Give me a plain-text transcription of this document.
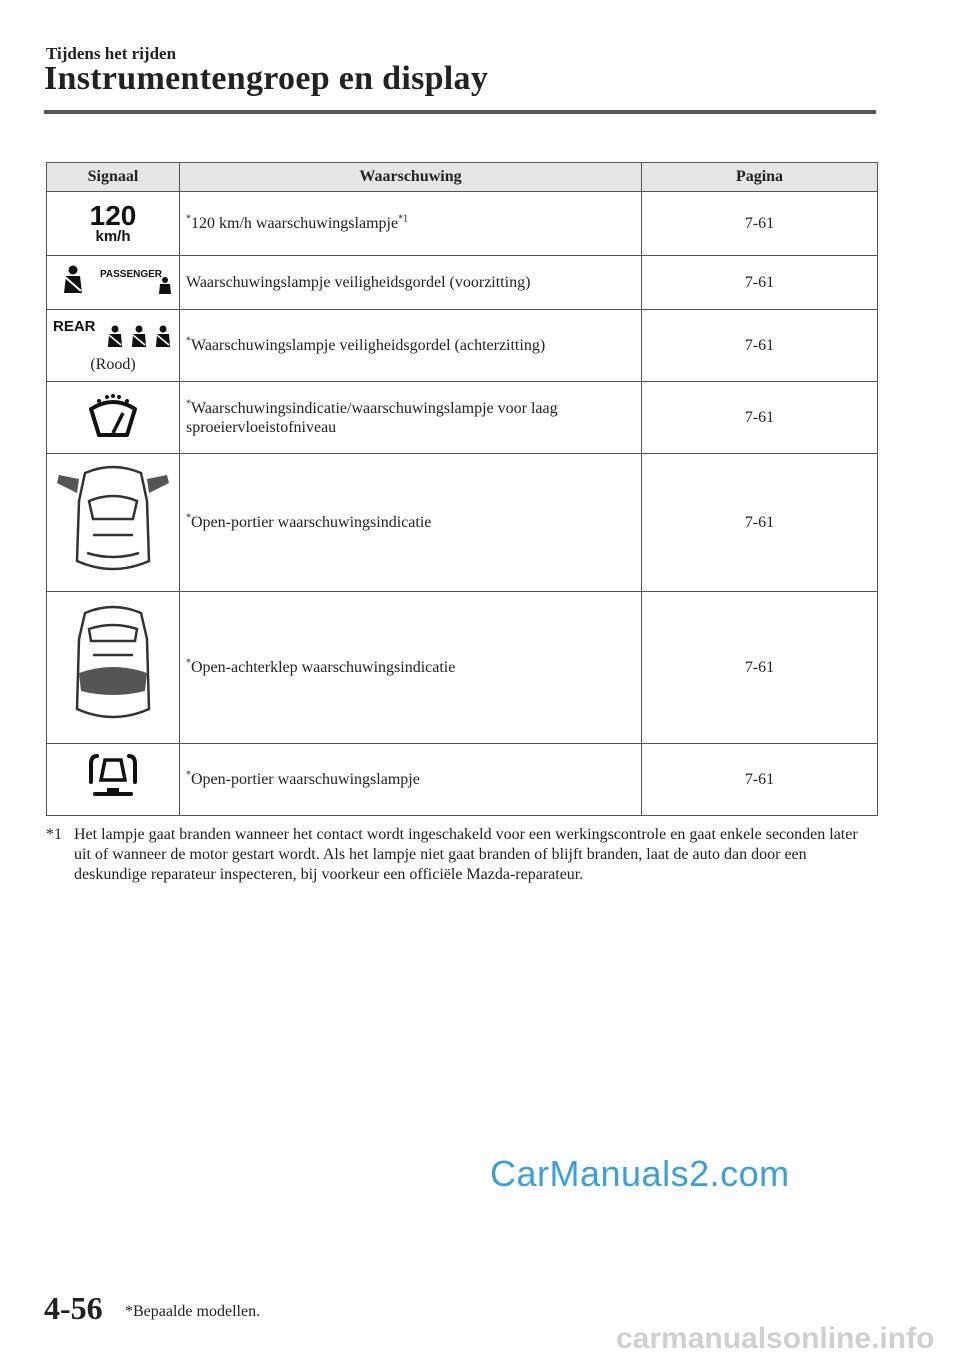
Tijdens het rijden
Instrumentengroep en display
Signaal	Waarschuwing	Pagina

120
km/h	*120 km/h waarschuwingslampje$^{*1}$	7-61

PASSENGER	Waarschuwingslampje veiligheidsgordel (voorzitting)	7-61

REAR
(Rood)	*Waarschuwingslampje veiligheidsgordel (achterzitting)	7-61
	*Waarschuwingsindicatie/waarschuwingslampje voor laag sproeiervloeistofniveau	7-61
	*Open-portier waarschuwingsindicatie	7-61
	*Open-achterklep waarschuwingsindicatie	7-61
	*Open-portier waarschuwingslampje	7-61
*1 Het lampje gaat branden wanneer het contact wordt ingeschakeld voor een werkingscontrole en gaat enkele seconden later uit of wanneer de motor gestart wordt. Als het lampje niet gaat branden of blijft branden, laat de auto dan door een deskundige reparateur inspecteren, bij voorkeur een officiële Mazda-reparateur.
CarManuals2.com
4-56 *Bepaalde modellen.
carmanualsonline.info
